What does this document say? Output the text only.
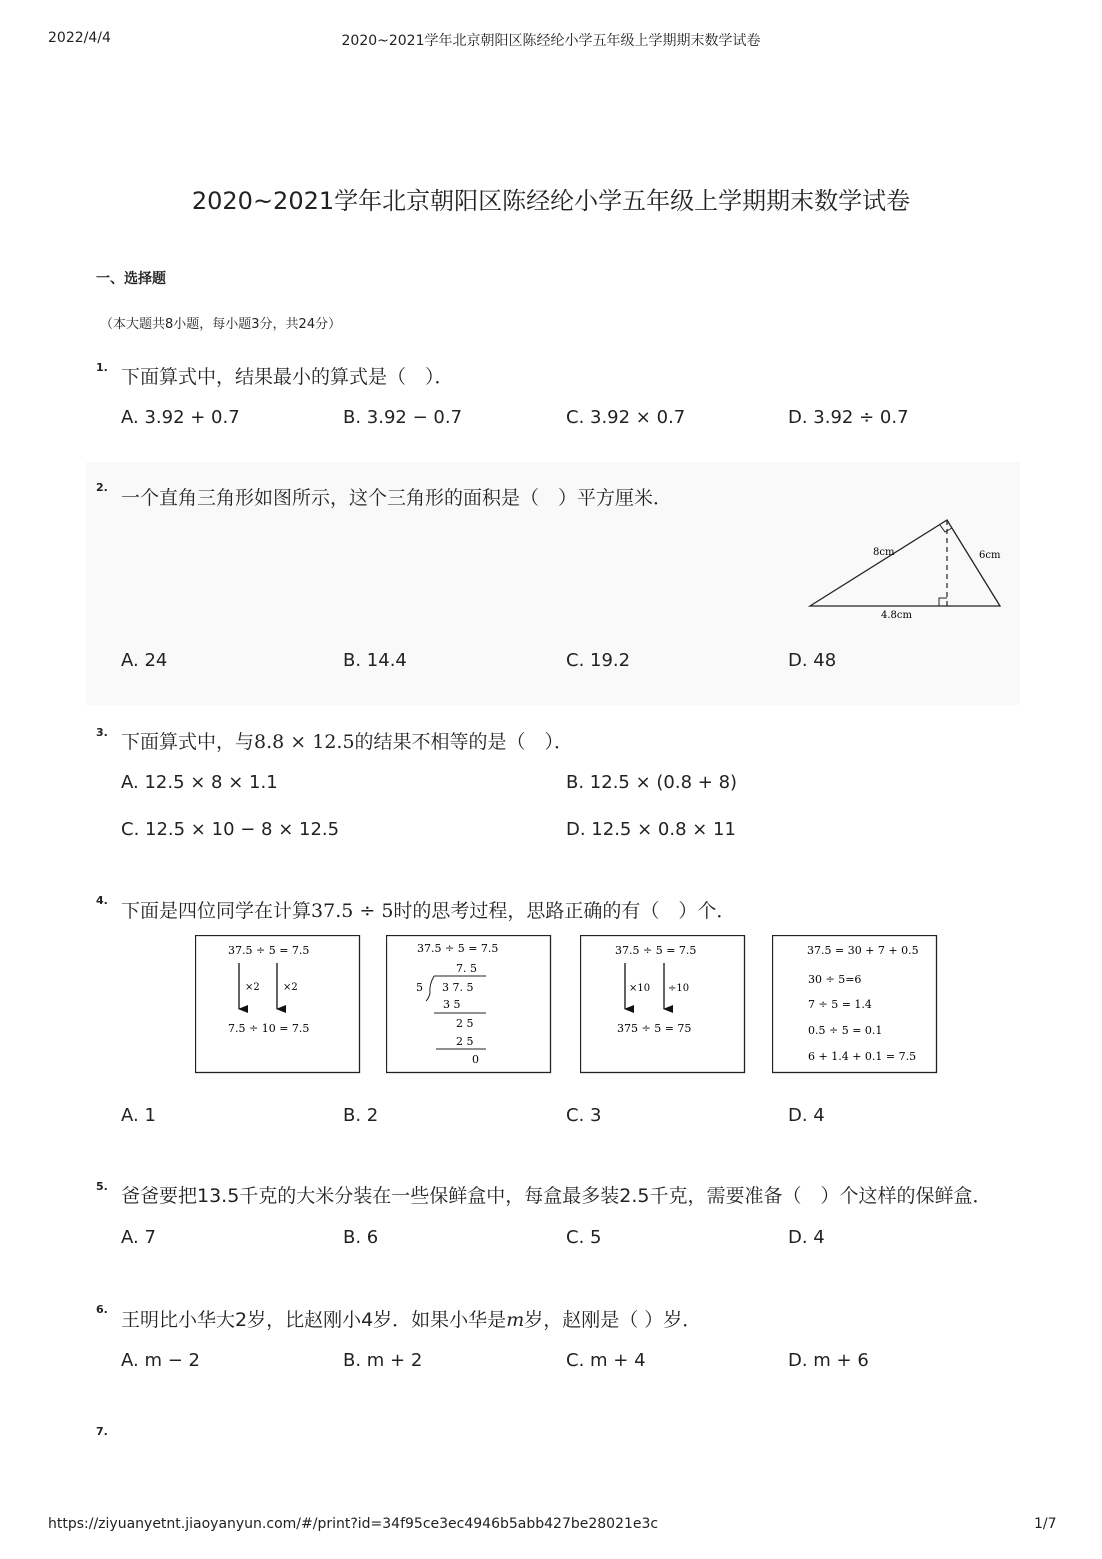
2022/4/4	2020~2021学年北京朝阳区陈经纶小学五年级上学期期末数学试卷
2020~2021学年北京朝阳区陈经纶小学五年级上学期期末数学试卷
一、选择题
（本大题共8小题，每小题3分，共24分）
1. 下面算式中，结果最小的算式是（　）．
A. 3.92 + 0.7	B. 3.92 − 0.7	C. 3.92 × 0.7	D. 3.92 ÷ 0.7
2. 一个直角三角形如图所示，这个三角形的面积是（　）平方厘米．
8cm	6cm
4.8cm
A. 24	B. 14.4	C. 19.2	D. 48
3. 下面算式中，与8.8 × 12.5的结果不相等的是（　）．
A. 12.5 × 8 × 1.1	B. 12.5 × (0.8 + 8)
C. 12.5 × 10 − 8 × 12.5	D. 12.5 × 0.8 × 11
4. 下面是四位同学在计算37.5 ÷ 5时的思考过程，思路正确的有（　）个．
37.5 ÷ 5 = 7.5
×2 ×2
7.5 ÷ 10 = 7.5
37.5 ÷ 5 = 7.5
7. 5
5 3 7. 5
3 5
2 5
2 5
0
37.5 ÷ 5 = 7.5
×10 ÷10
375 ÷ 5 = 75
37.5 = 30 + 7 + 0.5
30 ÷ 5=6
7 ÷ 5 = 1.4
0.5 ÷ 5 = 0.1
6 + 1.4 + 0.1 = 7.5
A. 1	B. 2	C. 3	D. 4
5. 爸爸要把13.5千克的大米分装在一些保鲜盒中，每盒最多装2.5千克，需要准备（　）个这样的保鲜盒．
A. 7	B. 6	C. 5	D. 4
6. 王明比小华大2岁，比赵刚小4岁．如果小华是m岁，赵刚是（ ）岁．
A. m − 2	B. m + 2	C. m + 4	D. m + 6
7.
https://ziyuanyetnt.jiaoyanyun.com/#/print?id=34f95ce3ec4946b5abb427be28021e3c	1/7
